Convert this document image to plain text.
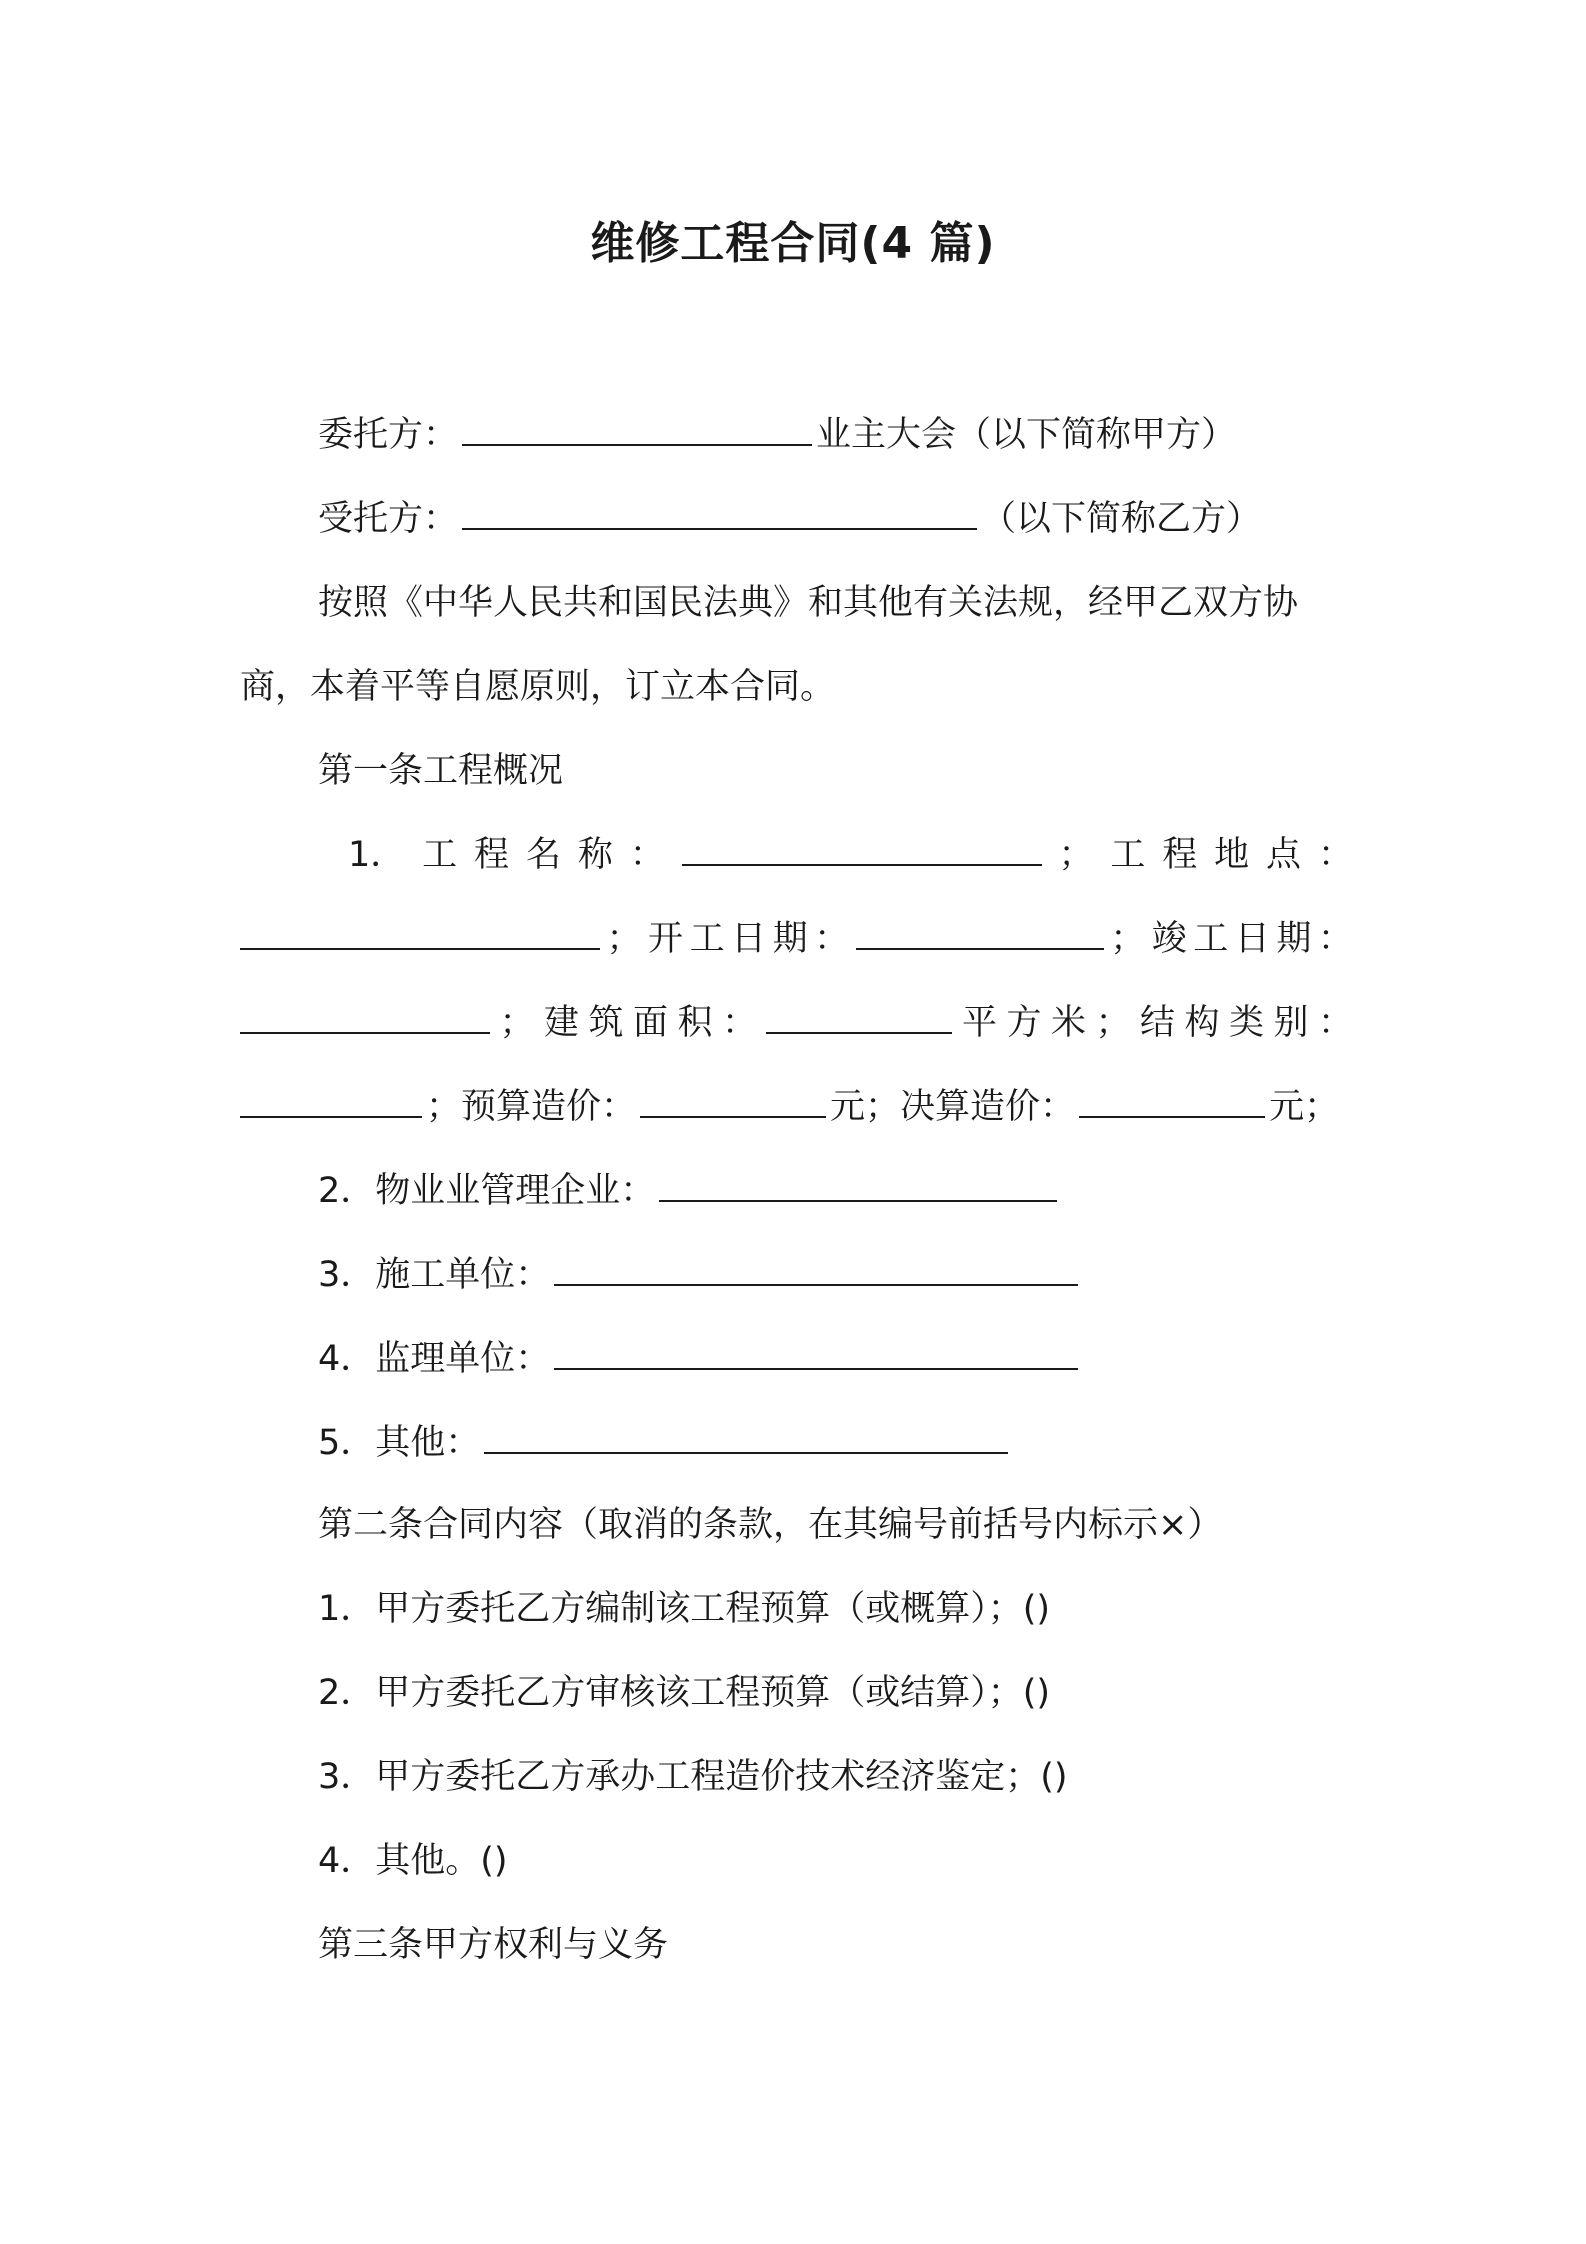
维修工程合同(4 篇)
委托方：	业主大会（以下简称甲方）
受托方：	（以下简称乙方）
按照《中华人民共和国民法典》和其他有关法规，经甲乙双方协
商，本着平等自愿原则，订立本合同。
第一条工程概况
1． 工 程 名 称 ：	； 工 程 地 点 ：
； 开 工 日 期 ：	； 竣 工 日 期 ：
； 建 筑 面 积 ：	平 方 米 ； 结 构 类 别 ：
；预算造价：	元；决算造价：	元；
2．物业业管理企业：
3．施工单位：
4．监理单位：
5．其他：
第二条合同内容（取消的条款，在其编号前括号内标示×）
1．甲方委托乙方编制该工程预算（或概算）；()
2．甲方委托乙方审核该工程预算（或结算）；()
3．甲方委托乙方承办工程造价技术经济鉴定；()
4．其他。()
第三条甲方权利与义务
